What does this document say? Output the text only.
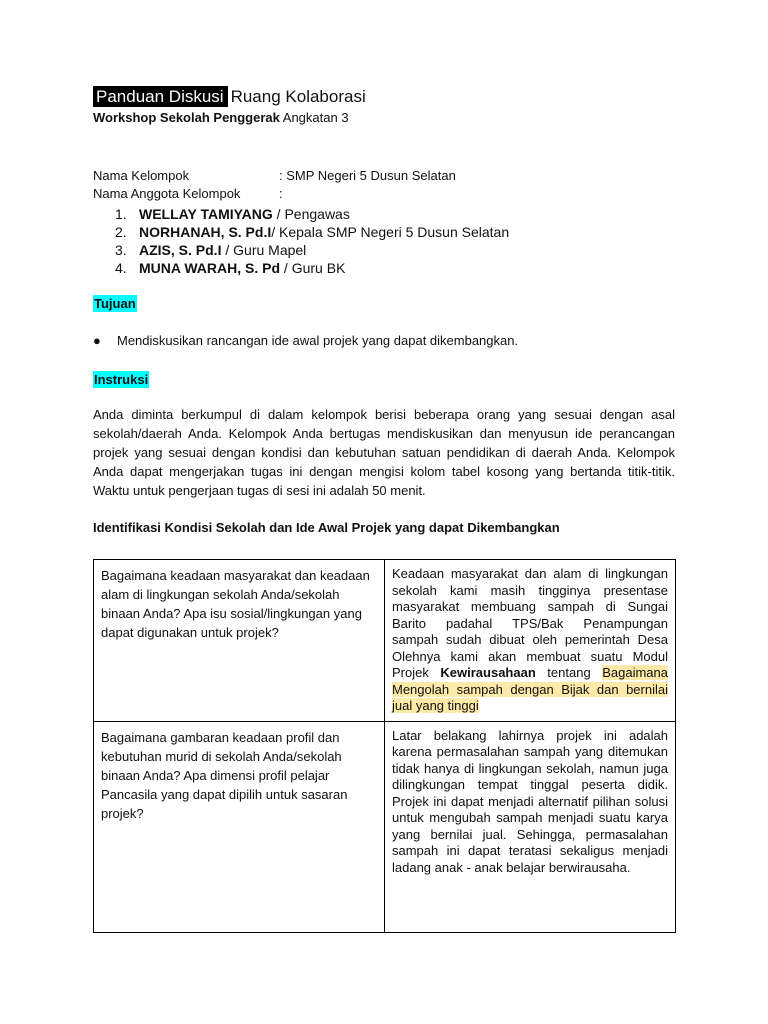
Panduan Diskusi Ruang Kolaborasi
Workshop Sekolah Penggerak Angkatan 3
Nama Kelompok	: SMP Negeri 5 Dusun Selatan
Nama Anggota Kelompok	:
1. WELLAY TAMIYANG / Pengawas
2. NORHANAH, S. Pd.I/ Kepala SMP Negeri 5 Dusun Selatan
3. AZIS, S. Pd.I / Guru Mapel
4. MUNA WARAH, S. Pd / Guru BK
Tujuan
● Mendiskusikan rancangan ide awal projek yang dapat dikembangkan.
Instruksi

Anda diminta berkumpul di dalam kelompok berisi beberapa orang yang sesuai dengan asal sekolah/daerah Anda. Kelompok Anda bertugas mendiskusikan dan menyusun ide perancangan projek yang sesuai dengan kondisi dan kebutuhan satuan pendidikan di daerah Anda. Kelompok Anda dapat mengerjakan tugas ini dengan mengisi kolom tabel kosong yang bertanda titik-titik. Waktu untuk pengerjaan tugas di sesi ini adalah 50 menit.

Identifikasi Kondisi Sekolah dan Ide Awal Projek yang dapat Dikembangkan
Bagaimana keadaan masyarakat dan keadaan alam di lingkungan sekolah Anda/sekolah binaan Anda? Apa isu sosial/lingkungan yang dapat digunakan untuk projek?	Keadaan masyarakat dan alam di lingkungan sekolah kami masih tingginya presentase masyarakat membuang sampah di Sungai Barito padahal TPS/Bak Penampungan sampah sudah dibuat oleh pemerintah Desa Olehnya kami akan membuat suatu Modul Projek Kewirausahaan tentang Bagaimana Mengolah sampah dengan Bijak dan bernilai jual yang tinggi
Bagaimana gambaran keadaan profil dan kebutuhan murid di sekolah Anda/sekolah binaan Anda? Apa dimensi profil pelajar Pancasila yang dapat dipilih untuk sasaran projek?	Latar belakang lahirnya projek ini adalah karena permasalahan sampah yang ditemukan tidak hanya di lingkungan sekolah, namun juga dilingkungan tempat tinggal peserta didik. Projek ini dapat menjadi alternatif pilihan solusi untuk mengubah sampah menjadi suatu karya yang bernilai jual. Sehingga, permasalahan sampah ini dapat teratasi sekaligus menjadi ladang anak - anak belajar berwirausaha.
